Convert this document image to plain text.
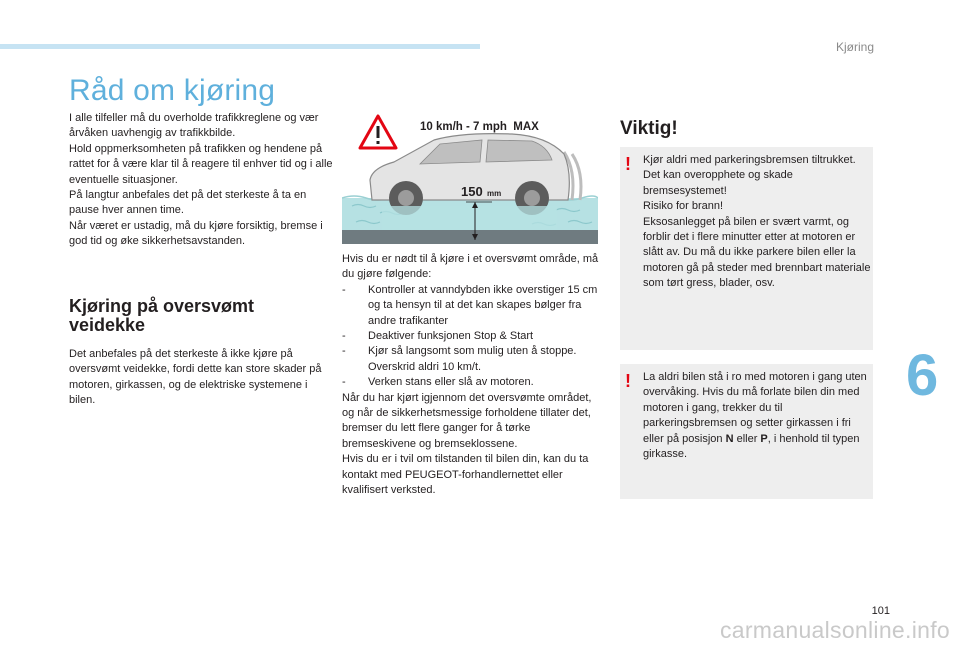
Kjøring
6
Råd om kjøring

I alle tilfeller må du overholde trafikkreglene og vær årvåken uavhengig av trafikkbilde.
Hold oppmerksomheten på trafikken og hendene på rattet for å være klar til å reagere til enhver tid og i alle eventuelle situasjoner.
På langtur anbefales det på det sterkeste å ta en pause hver annen time.
Når været er ustadig, må du kjøre forsiktig, bremse i god tid og øke sikkerhetsavstanden.

Kjøring på oversvømt veidekke

Det anbefales på det sterkeste å ikke kjøre på oversvømt veidekke, fordi dette kan store skader på motoren, girkassen, og de elektriske systemene i bilen.

150 mm
10 km/h - 7 mph  MAX

Hvis du er nødt til å kjøre i et oversvømt område, må du gjøre følgende:

-	Kontroller at vanndybden ikke overstiger 15 cm og ta hensyn til at det kan skapes bølger fra andre trafikanter
-	Deaktiver funksjonen Stop & Start
-	Kjør så langsomt som mulig uten å stoppe. Overskrid aldri 10 km/t.
-	Verken stans eller slå av motoren.

Når du har kjørt igjennom det oversvømte området, og når de sikkerhetsmessige forholdene tillater det, bremser du lett flere ganger for å tørke bremseskivene og bremseklossene.
Hvis du er i tvil om tilstanden til bilen din, kan du ta kontakt med PEUGEOT-forhandlernettet eller kvalifisert verksted.

Viktig!
! Kjør aldri med parkeringsbremsen tiltrukket. Det kan overopphete og skade bremsesystemet!
Risiko for brann!
Eksosanlegget på bilen er svært varmt, og forblir det i flere minutter etter at motoren er slått av. Du må du ikke parkere bilen eller la motoren gå på steder med brennbart materiale som tørt gress, blader, osv.

! La aldri bilen stå i ro med motoren i gang uten overvåking. Hvis du må forlate bilen din med motoren i gang, trekker du til parkeringsbremsen og setter girkassen i fri eller på posisjon N eller P, i henhold til typen girkasse.

101
carmanualsonline.info
